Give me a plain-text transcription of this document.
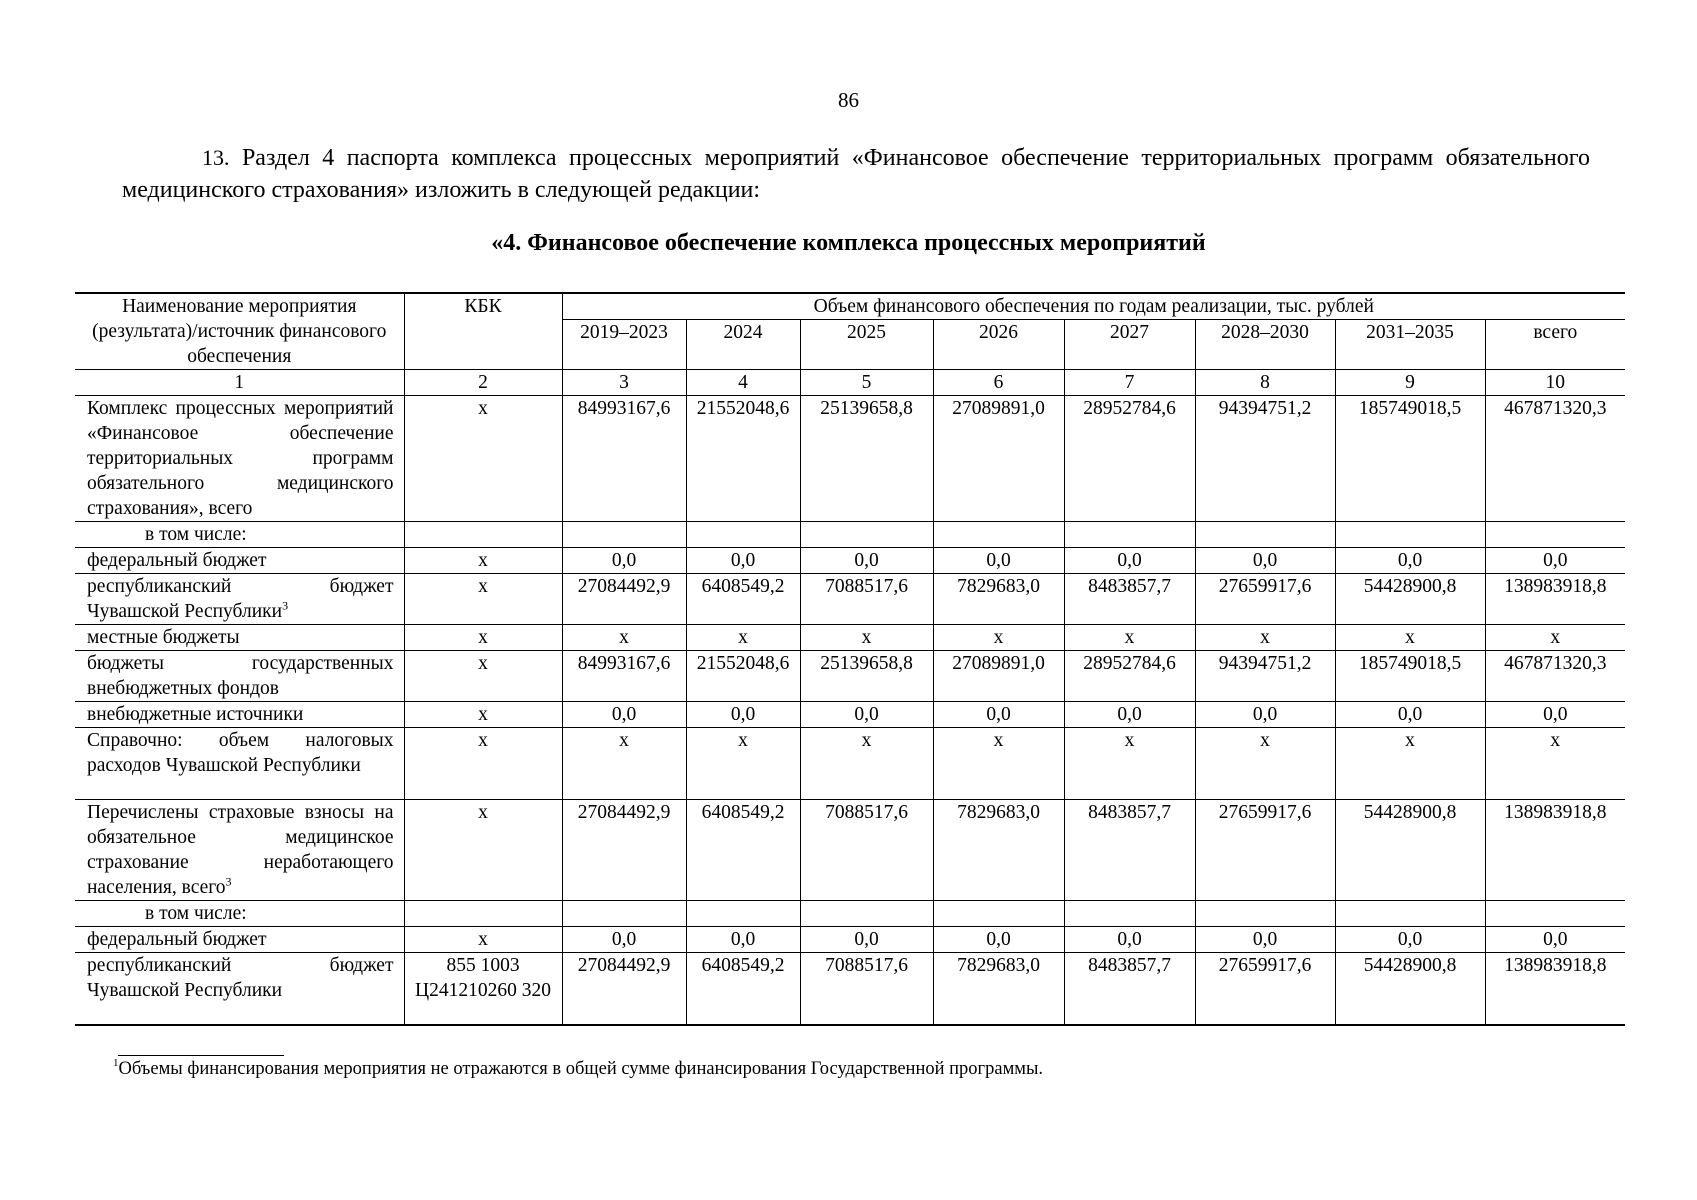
86
13. Раздел 4 паспорта комплекса процессных мероприятий «Финансовое обеспечение территориальных программ обязательного медицинского страхования» изложить в следующей редакции:
«4. Финансовое обеспечение комплекса процессных мероприятий
Наименование мероприятия (результата)/источник финансового обеспечения	КБК	Объем финансового обеспечения по годам реализации, тыс. рублей							
		2019–2023	2024	2025	2026	2027	2028–2030	2031–2035	всего
1	2	3	4	5	6	7	8	9	10
Комплекс процессных мероприятий «Финансовое обеспечение территориальных программ обязательного медицинского страхования», всего	х	84993167,6	21552048,6	25139658,8	27089891,0	28952784,6	94394751,2	185749018,5	467871320,3
в том числе:									
федеральный бюджет	х	0,0	0,0	0,0	0,0	0,0	0,0	0,0	0,0
республиканский бюджет Чувашской Республики$^3$	х	27084492,9	6408549,2	7088517,6	7829683,0	8483857,7	27659917,6	54428900,8	138983918,8
местные бюджеты	х	х	х	х	х	х	х	х	х
бюджеты государственных внебюджетных фондов	х	84993167,6	21552048,6	25139658,8	27089891,0	28952784,6	94394751,2	185749018,5	467871320,3
внебюджетные источники	х	0,0	0,0	0,0	0,0	0,0	0,0	0,0	0,0
Справочно: объем налоговых расходов Чувашской Республики	х	х	х	х	х	х	х	х	х
Перечислены страховые взносы на обязательное медицинское страхование неработающего населения, всего$^3$	х	27084492,9	6408549,2	7088517,6	7829683,0	8483857,7	27659917,6	54428900,8	138983918,8
в том числе:									
федеральный бюджет	х	0,0	0,0	0,0	0,0	0,0	0,0	0,0	0,0
республиканский бюджет Чувашской Республики	855 1003 Ц241210260 320	27084492,9	6408549,2	7088517,6	7829683,0	8483857,7	27659917,6	54428900,8	138983918,8
$^1$Объемы финансирования мероприятия не отражаются в общей сумме финансирования Государственной программы.
